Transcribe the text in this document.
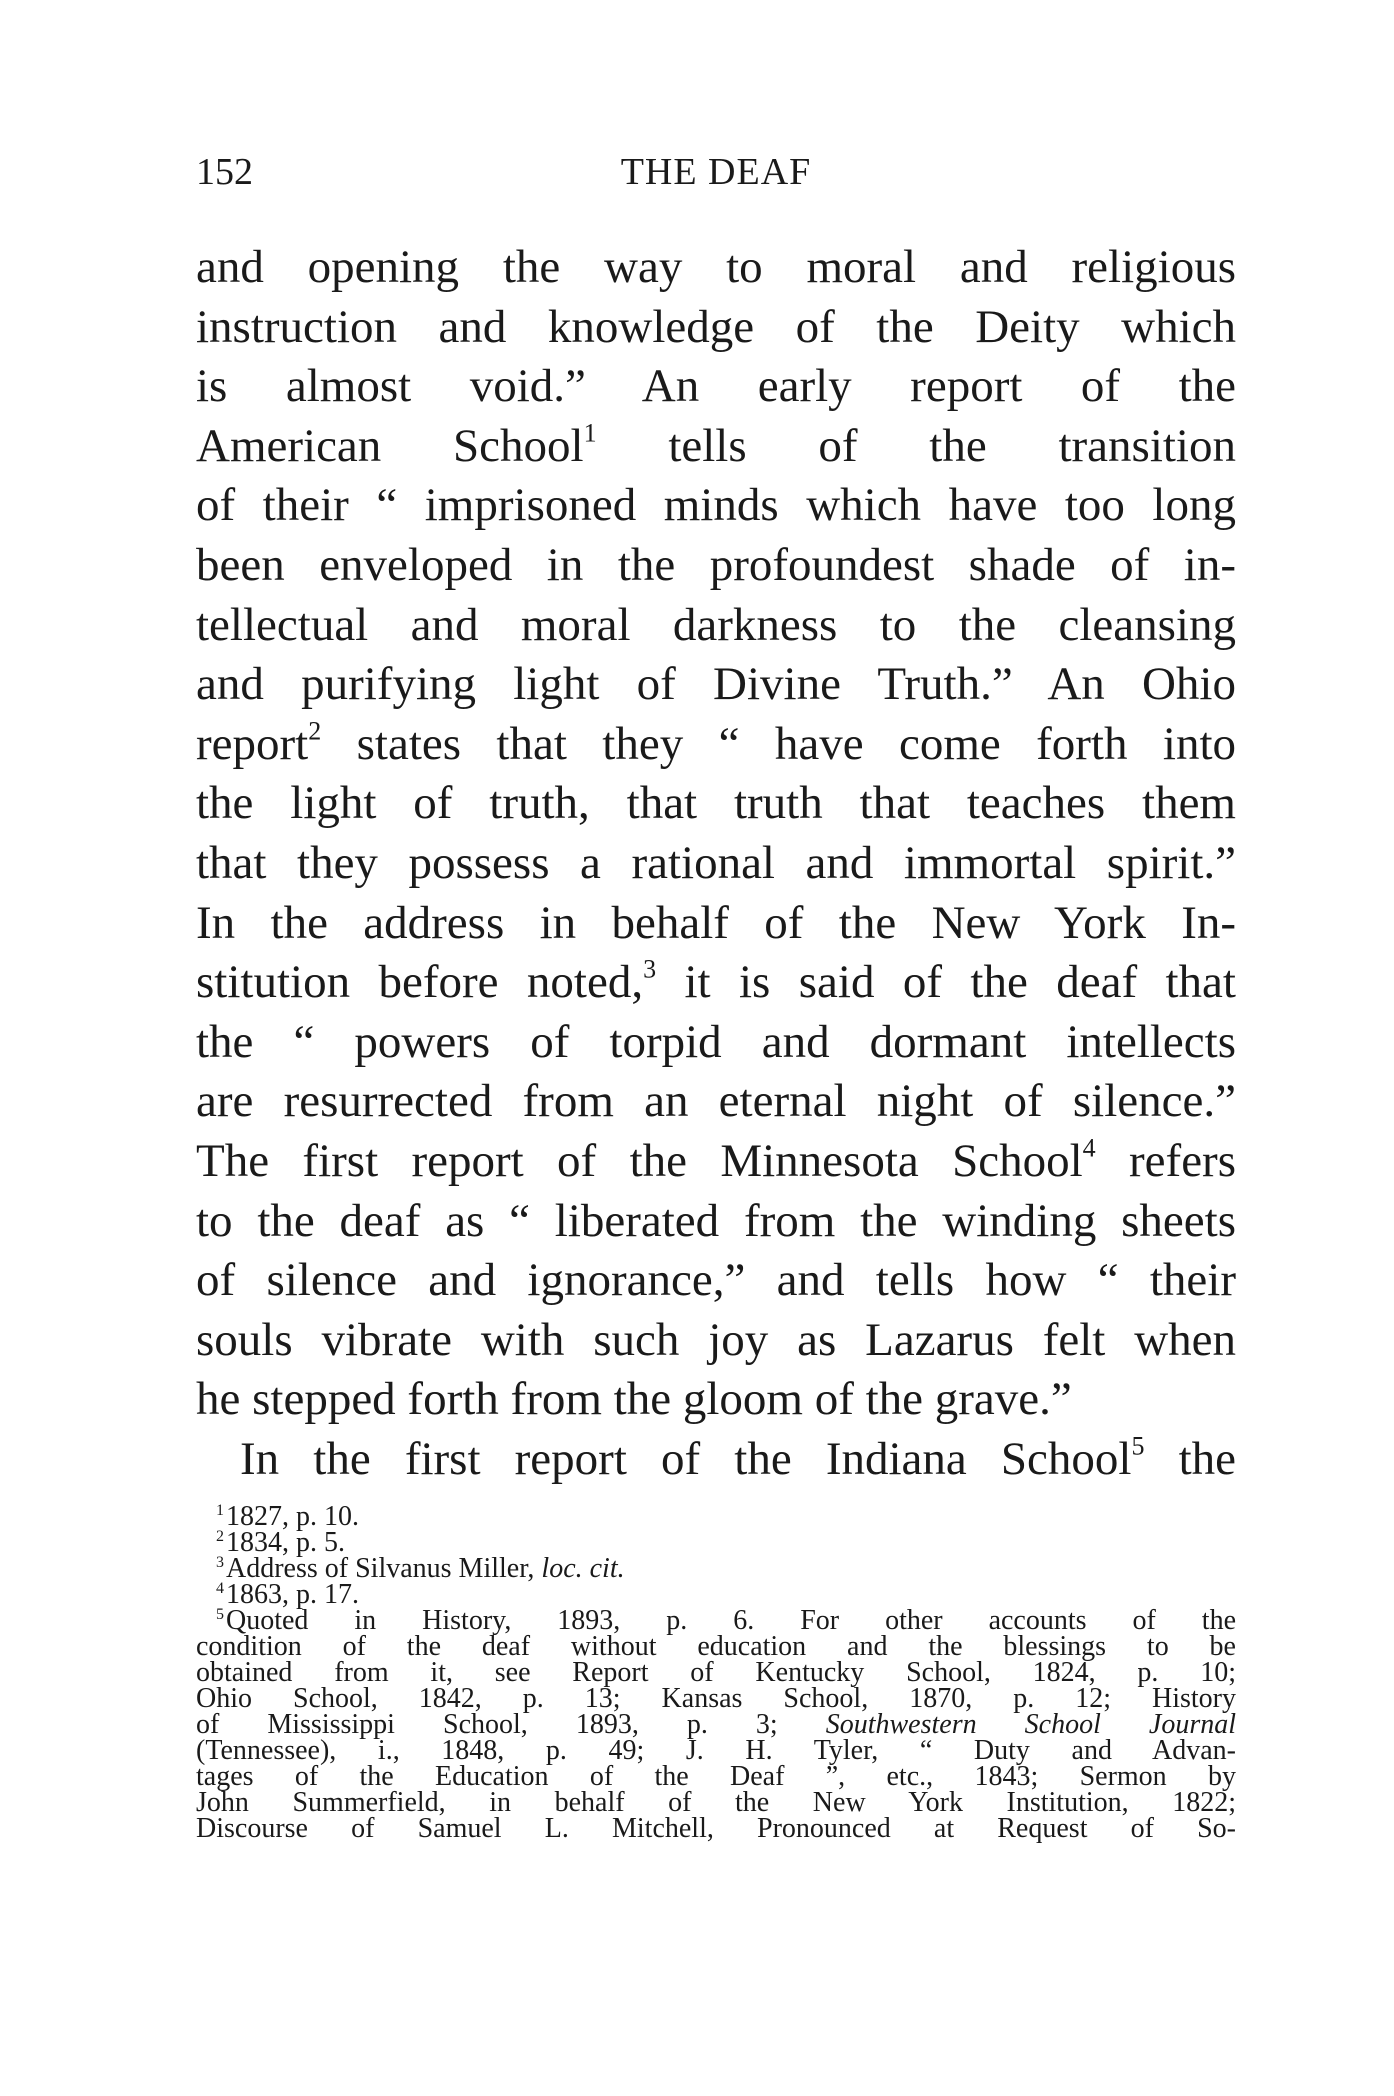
152	THE DEAF
and opening the way to moral and religious
instruction and knowledge of the Deity which
is almost void.” An early report of the
American School$^1$ tells of the transition
of their “ imprisoned minds which have too long
been enveloped in the profoundest shade of in-
tellectual and moral darkness to the cleansing
and purifying light of Divine Truth.” An Ohio
report$^2$ states that they “ have come forth into
the light of truth, that truth that teaches them
that they possess a rational and immortal spirit.”
In the address in behalf of the New York In-
stitution before noted,$^3$ it is said of the deaf that
the “ powers of torpid and dormant intellects
are resurrected from an eternal night of silence.”
The first report of the Minnesota School$^4$ refers
to the deaf as “ liberated from the winding sheets
of silence and ignorance,” and tells how “ their
souls vibrate with such joy as Lazarus felt when
he stepped forth from the gloom of the grave.”
In the first report of the Indiana School$^5$ the
$^1$1827, p. 10.
$^2$1834, p. 5.
$^3$Address of Silvanus Miller, loc. cit.
$^4$1863, p. 17.
$^5$Quoted in History, 1893, p. 6. For other accounts of the
condition of the deaf without education and the blessings to be
obtained from it, see Report of Kentucky School, 1824, p. 10;
Ohio School, 1842, p. 13; Kansas School, 1870, p. 12; History
of Mississippi School, 1893, p. 3; Southwestern School Journal
(Tennessee), i., 1848, p. 49; J. H. Tyler, “ Duty and Advan-
tages of the Education of the Deaf ”, etc., 1843; Sermon by
John Summerfield, in behalf of the New York Institution, 1822;
Discourse of Samuel L. Mitchell, Pronounced at Request of So-
